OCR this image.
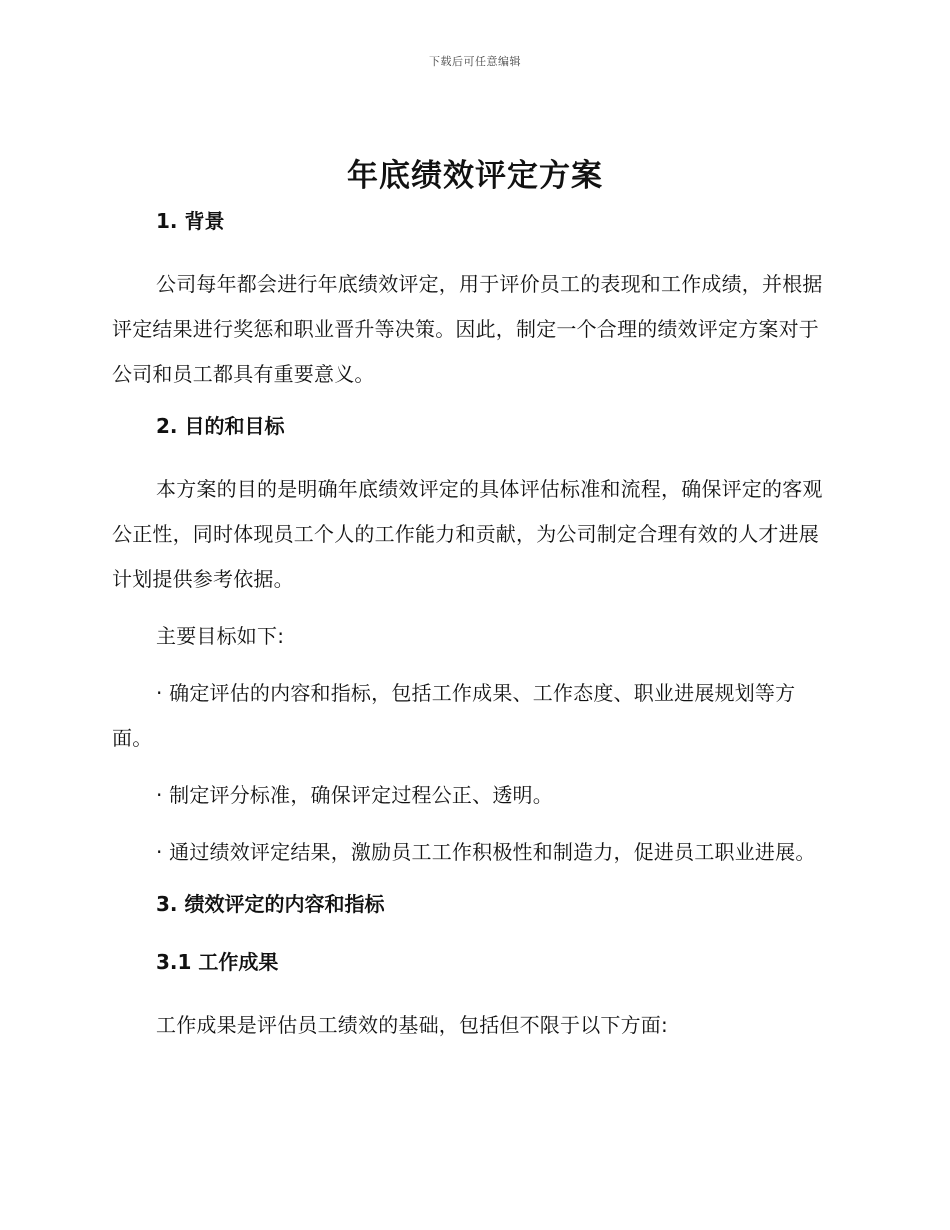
下载后可任意编辑
年底绩效评定方案
1. 背景

公司每年都会进行年底绩效评定，用于评价员工的表现和工作成绩，并根据评定结果进行奖惩和职业晋升等决策。因此，制定一个合理的绩效评定方案对于公司和员工都具有重要意义。

2. 目的和目标

本方案的目的是明确年底绩效评定的具体评估标准和流程，确保评定的客观公正性，同时体现员工个人的工作能力和贡献，为公司制定合理有效的人才进展计划提供参考依据。

主要目标如下:

· 确定评估的内容和指标，包括工作成果、工作态度、职业进展规划等方面。

· 制定评分标准，确保评定过程公正、透明。

· 通过绩效评定结果，激励员工工作积极性和制造力，促进员工职业进展。

3. 绩效评定的内容和指标
3.1 工作成果

工作成果是评估员工绩效的基础，包括但不限于以下方面:
